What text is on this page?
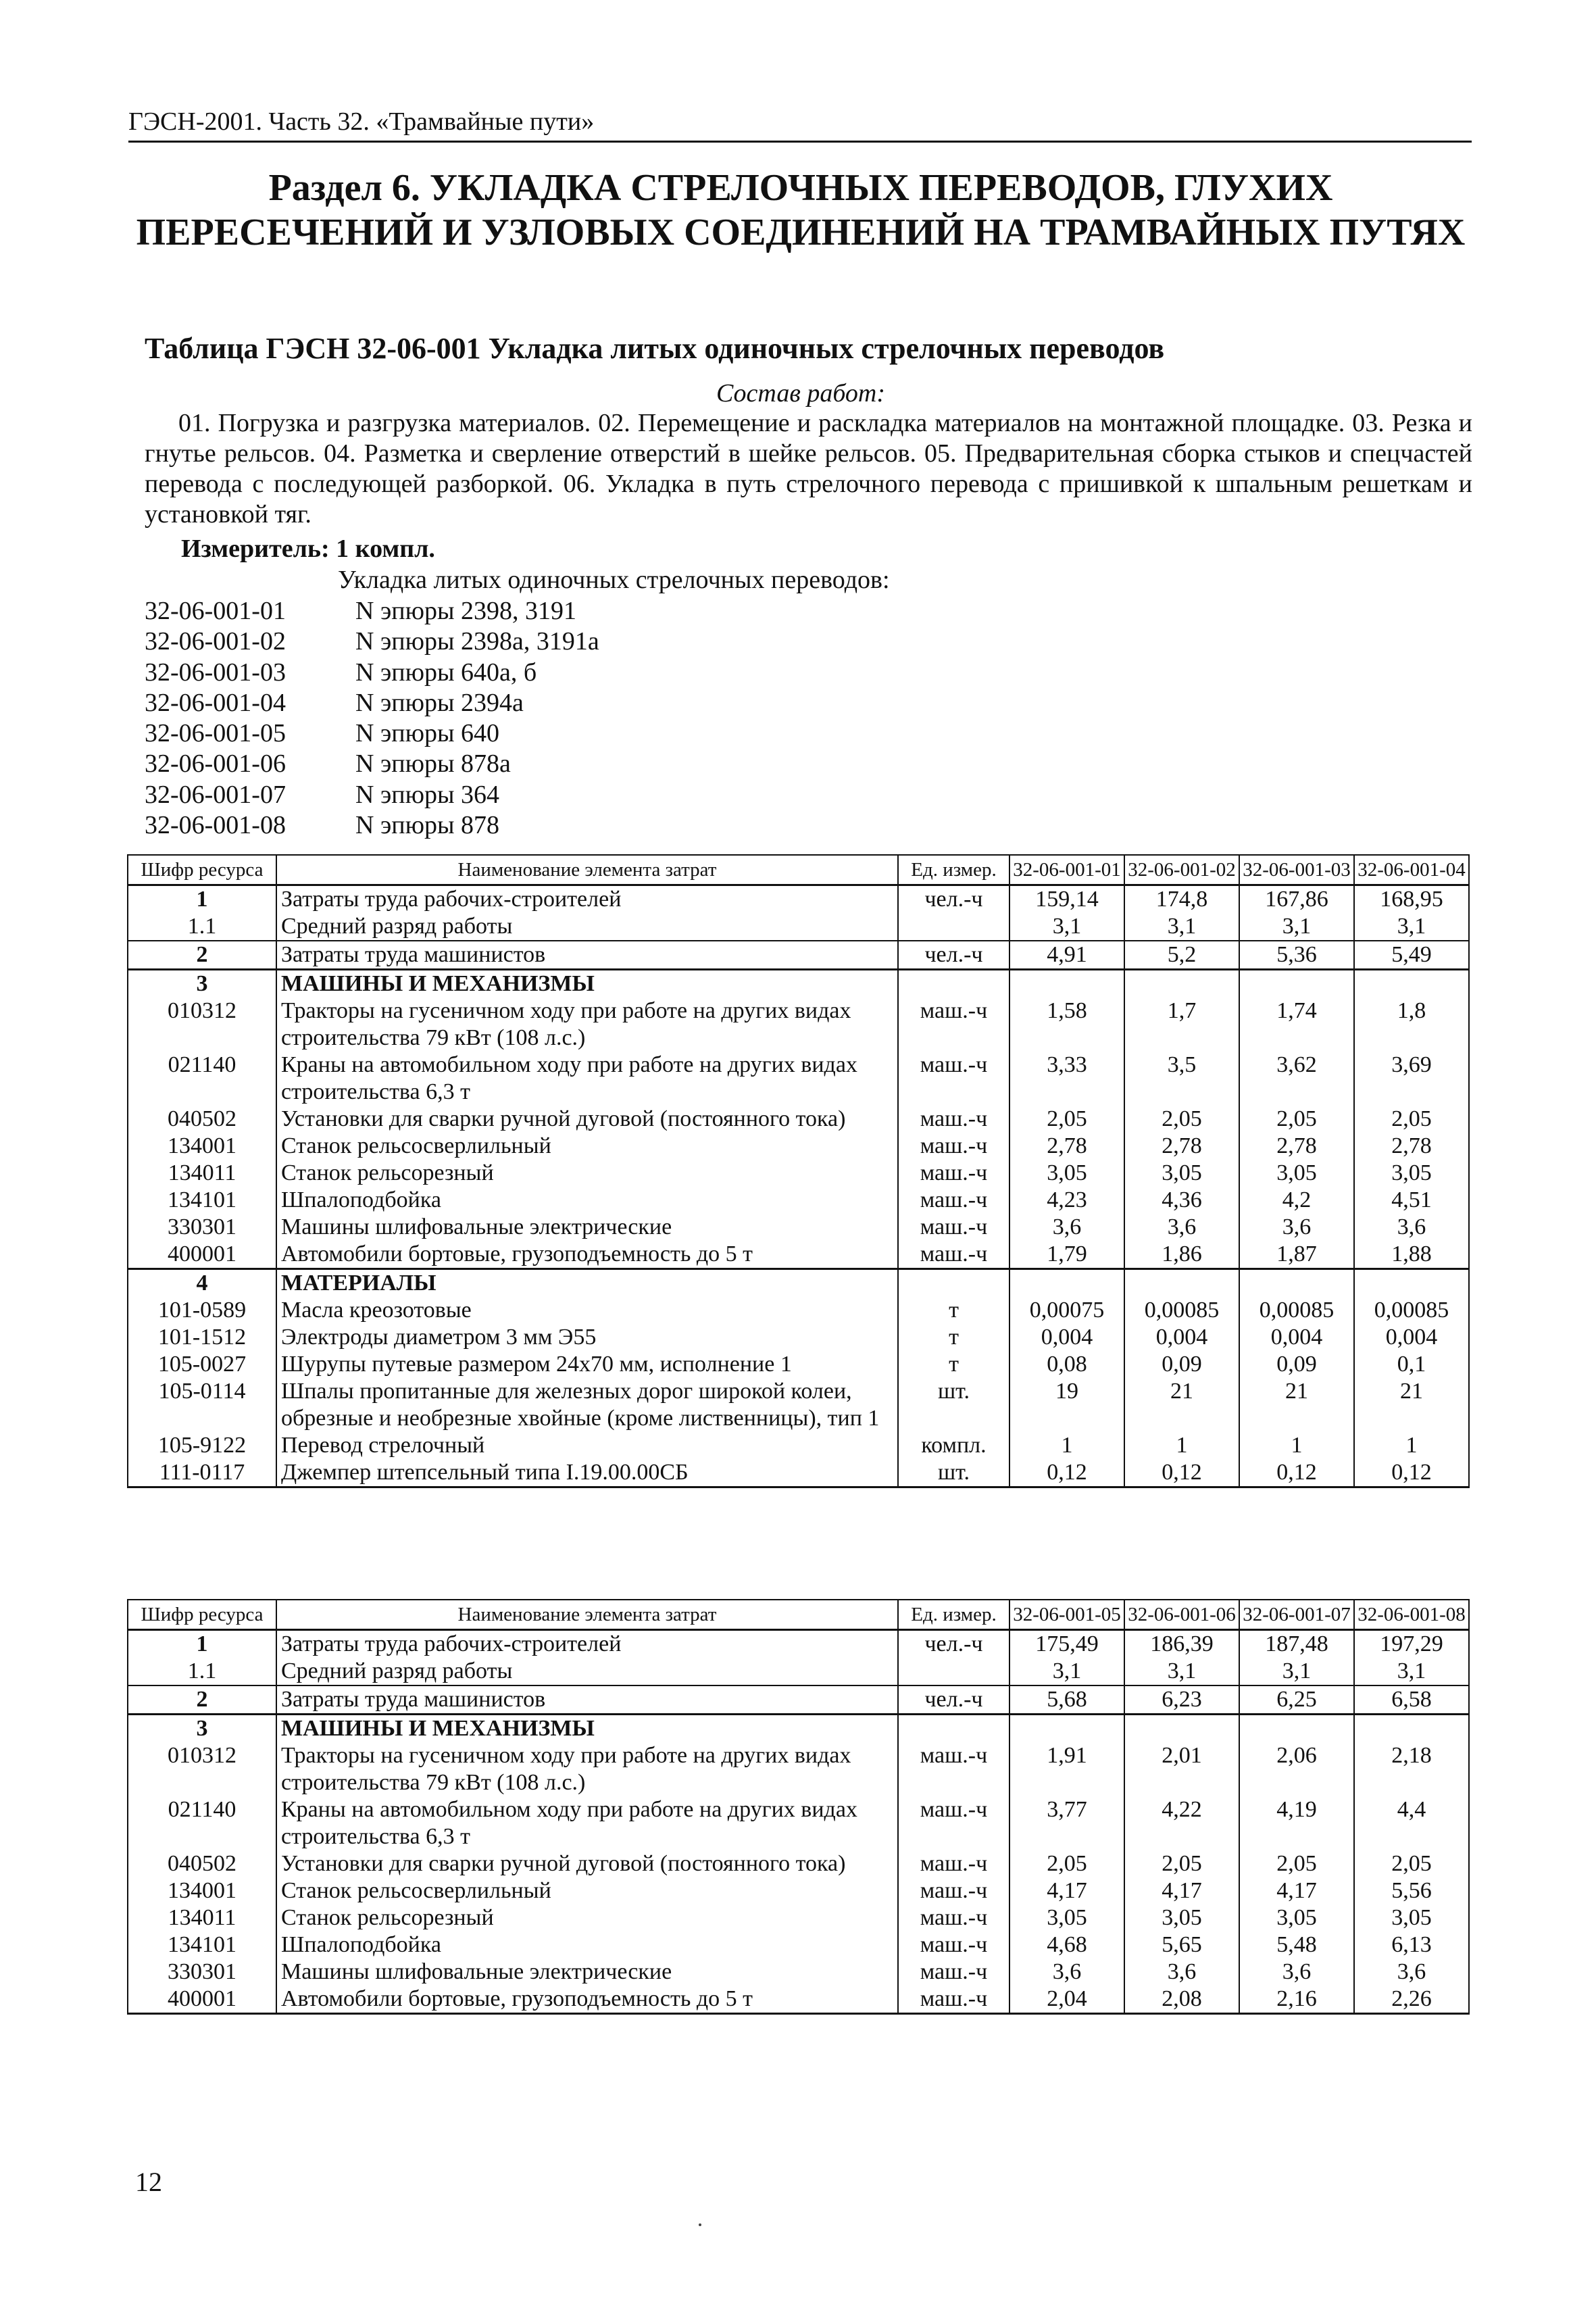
ГЭСН-2001. Часть 32. «Трамвайные пути»
Раздел 6. УКЛАДКА СТРЕЛОЧНЫХ ПЕРЕВОДОВ, ГЛУХИХ ПЕРЕСЕЧЕНИЙ И УЗЛОВЫХ СОЕДИНЕНИЙ НА ТРАМВАЙНЫХ ПУТЯХ
Таблица ГЭСН 32-06-001 Укладка литых одиночных стрелочных переводов
Состав работ:
01. Погрузка и разгрузка материалов. 02. Перемещение и раскладка материалов на монтажной площадке. 03. Резка и гнутье рельсов. 04. Разметка и сверление отверстий в шейке рельсов. 05. Предварительная сборка стыков и спецчастей перевода с последующей разборкой. 06. Укладка в путь стрелочного перевода с пришивкой к шпальным решеткам и установкой тяг.
Измеритель: 1 компл.
Укладка литых одиночных стрелочных переводов:
32-06-001-01	N эпюры 2398, 3191
32-06-001-02	N эпюры 2398а, 3191а
32-06-001-03	N эпюры 640а, б
32-06-001-04	N эпюры 2394а
32-06-001-05	N эпюры 640
32-06-001-06	N эпюры 878а
32-06-001-07	N эпюры 364
32-06-001-08	N эпюры 878
Шифр ресурса	Наименование элемента затрат	Ед. измер.	32-06-001-01	32-06-001-02	32-06-001-03	32-06-001-04
1	Затраты труда рабочих-строителей	чел.-ч	159,14	174,8	167,86	168,95
1.1	Средний разряд работы		3,1	3,1	3,1	3,1
2	Затраты труда машинистов	чел.-ч	4,91	5,2	5,36	5,49
3	МАШИНЫ И МЕХАНИЗМЫ					
010312	Тракторы на гусеничном ходу при работе на других видах строительства 79 кВт (108 л.с.)	маш.-ч	1,58	1,7	1,74	1,8
021140	Краны на автомобильном ходу при работе на других видах строительства 6,3 т	маш.-ч	3,33	3,5	3,62	3,69
040502	Установки для сварки ручной дуговой (постоянного тока)	маш.-ч	2,05	2,05	2,05	2,05
134001	Станок рельсосверлильный	маш.-ч	2,78	2,78	2,78	2,78
134011	Станок рельсорезный	маш.-ч	3,05	3,05	3,05	3,05
134101	Шпалоподбойка	маш.-ч	4,23	4,36	4,2	4,51
330301	Машины шлифовальные электрические	маш.-ч	3,6	3,6	3,6	3,6
400001	Автомобили бортовые, грузоподъемность до 5 т	маш.-ч	1,79	1,86	1,87	1,88
4	МАТЕРИАЛЫ					
101-0589	Масла креозотовые	т	0,00075	0,00085	0,00085	0,00085
101-1512	Электроды диаметром 3 мм Э55	т	0,004	0,004	0,004	0,004
105-0027	Шурупы путевые размером 24х70 мм, исполнение 1	т	0,08	0,09	0,09	0,1
105-0114	Шпалы пропитанные для железных дорог широкой колеи, обрезные и необрезные хвойные (кроме лиственницы), тип 1	шт.	19	21	21	21
105-9122	Перевод стрелочный	компл.	1	1	1	1
111-0117	Джемпер штепсельный типа I.19.00.00СБ	шт.	0,12	0,12	0,12	0,12
Шифр ресурса	Наименование элемента затрат	Ед. измер.	32-06-001-05	32-06-001-06	32-06-001-07	32-06-001-08
1	Затраты труда рабочих-строителей	чел.-ч	175,49	186,39	187,48	197,29
1.1	Средний разряд работы		3,1	3,1	3,1	3,1
2	Затраты труда машинистов	чел.-ч	5,68	6,23	6,25	6,58
3	МАШИНЫ И МЕХАНИЗМЫ					
010312	Тракторы на гусеничном ходу при работе на других видах строительства 79 кВт (108 л.с.)	маш.-ч	1,91	2,01	2,06	2,18
021140	Краны на автомобильном ходу при работе на других видах строительства 6,3 т	маш.-ч	3,77	4,22	4,19	4,4
040502	Установки для сварки ручной дуговой (постоянного тока)	маш.-ч	2,05	2,05	2,05	2,05
134001	Станок рельсосверлильный	маш.-ч	4,17	4,17	4,17	5,56
134011	Станок рельсорезный	маш.-ч	3,05	3,05	3,05	3,05
134101	Шпалоподбойка	маш.-ч	4,68	5,65	5,48	6,13
330301	Машины шлифовальные электрические	маш.-ч	3,6	3,6	3,6	3,6
400001	Автомобили бортовые, грузоподъемность до 5 т	маш.-ч	2,04	2,08	2,16	2,26
12
